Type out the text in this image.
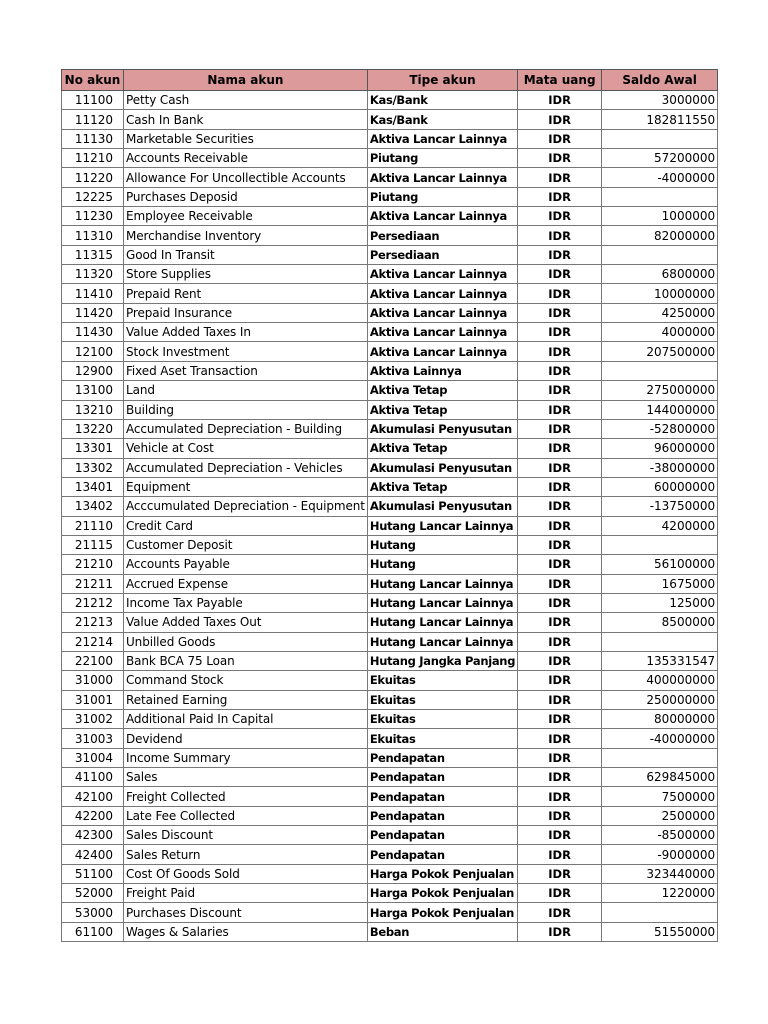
No akun	Nama akun	Tipe akun	Mata uang	Saldo Awal
11100	Petty Cash	Kas/Bank	IDR	3000000
11120	Cash In Bank	Kas/Bank	IDR	182811550
11130	Marketable Securities	Aktiva Lancar Lainnya	IDR	
11210	Accounts Receivable	Piutang	IDR	57200000
11220	Allowance For Uncollectible Accounts	Aktiva Lancar Lainnya	IDR	-4000000
12225	Purchases Deposid	Piutang	IDR	
11230	Employee Receivable	Aktiva Lancar Lainnya	IDR	1000000
11310	Merchandise Inventory	Persediaan	IDR	82000000
11315	Good In Transit	Persediaan	IDR	
11320	Store Supplies	Aktiva Lancar Lainnya	IDR	6800000
11410	Prepaid Rent	Aktiva Lancar Lainnya	IDR	10000000
11420	Prepaid Insurance	Aktiva Lancar Lainnya	IDR	4250000
11430	Value Added Taxes In	Aktiva Lancar Lainnya	IDR	4000000
12100	Stock Investment	Aktiva Lancar Lainnya	IDR	207500000
12900	Fixed Aset Transaction	Aktiva Lainnya	IDR	
13100	Land	Aktiva Tetap	IDR	275000000
13210	Building	Aktiva Tetap	IDR	144000000
13220	Accumulated Depreciation - Building	Akumulasi Penyusutan	IDR	-52800000
13301	Vehicle at Cost	Aktiva Tetap	IDR	96000000
13302	Accumulated Depreciation - Vehicles	Akumulasi Penyusutan	IDR	-38000000
13401	Equipment	Aktiva Tetap	IDR	60000000
13402	Acccumulated Depreciation - Equipment	Akumulasi Penyusutan	IDR	-13750000
21110	Credit Card	Hutang Lancar Lainnya	IDR	4200000
21115	Customer Deposit	Hutang	IDR	
21210	Accounts Payable	Hutang	IDR	56100000
21211	Accrued Expense	Hutang Lancar Lainnya	IDR	1675000
21212	Income Tax Payable	Hutang Lancar Lainnya	IDR	125000
21213	Value Added Taxes Out	Hutang Lancar Lainnya	IDR	8500000
21214	Unbilled Goods	Hutang Lancar Lainnya	IDR	
22100	Bank BCA 75 Loan	Hutang Jangka Panjang	IDR	135331547
31000	Command Stock	Ekuitas	IDR	400000000
31001	Retained Earning	Ekuitas	IDR	250000000
31002	Additional Paid In Capital	Ekuitas	IDR	80000000
31003	Devidend	Ekuitas	IDR	-40000000
31004	Income Summary	Pendapatan	IDR	
41100	Sales	Pendapatan	IDR	629845000
42100	Freight Collected	Pendapatan	IDR	7500000
42200	Late Fee Collected	Pendapatan	IDR	2500000
42300	Sales Discount	Pendapatan	IDR	-8500000
42400	Sales Return	Pendapatan	IDR	-9000000
51100	Cost Of Goods Sold	Harga Pokok Penjualan	IDR	323440000
52000	Freight Paid	Harga Pokok Penjualan	IDR	1220000
53000	Purchases Discount	Harga Pokok Penjualan	IDR	
61100	Wages & Salaries	Beban	IDR	51550000
